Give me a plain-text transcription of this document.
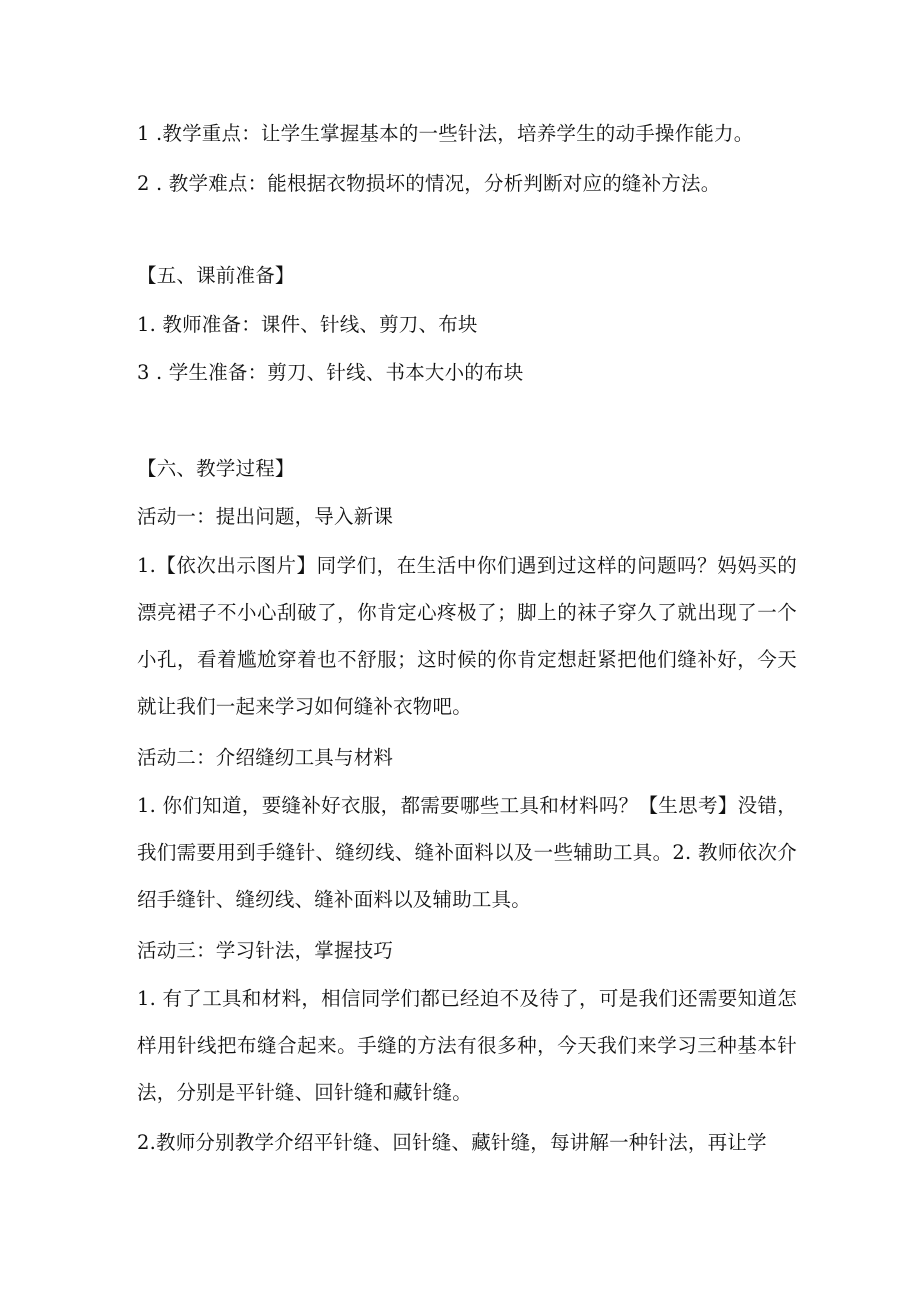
1 .教学重点：让学生掌握基本的一些针法，培养学生的动手操作能力。
2 . 教学难点：能根据衣物损坏的情况，分析判断对应的缝补方法。
【五、课前准备】
1. 教师准备：课件、针线、剪刀、布块
3 . 学生准备：剪刀、针线、书本大小的布块
【六、教学过程】
活动一：提出问题，导入新课
1.【依次出示图片】同学们，在生活中你们遇到过这样的问题吗？妈妈买的漂亮裙子不小心刮破了，你肯定心疼极了；脚上的袜子穿久了就出现了一个小孔，看着尴尬穿着也不舒服；这时候的你肯定想赶紧把他们缝补好，今天就让我们一起来学习如何缝补衣物吧。
活动二：介绍缝纫工具与材料
1. 你们知道，要缝补好衣服，都需要哪些工具和材料吗？【生思考】没错，我们需要用到手缝针、缝纫线、缝补面料以及一些辅助工具。2. 教师依次介绍手缝针、缝纫线、缝补面料以及辅助工具。
活动三：学习针法，掌握技巧
1. 有了工具和材料，相信同学们都已经迫不及待了，可是我们还需要知道怎样用针线把布缝合起来。手缝的方法有很多种，今天我们来学习三种基本针法，分别是平针缝、回针缝和藏针缝。
2.教师分别教学介绍平针缝、回针缝、藏针缝，每讲解一种针法，再让学
